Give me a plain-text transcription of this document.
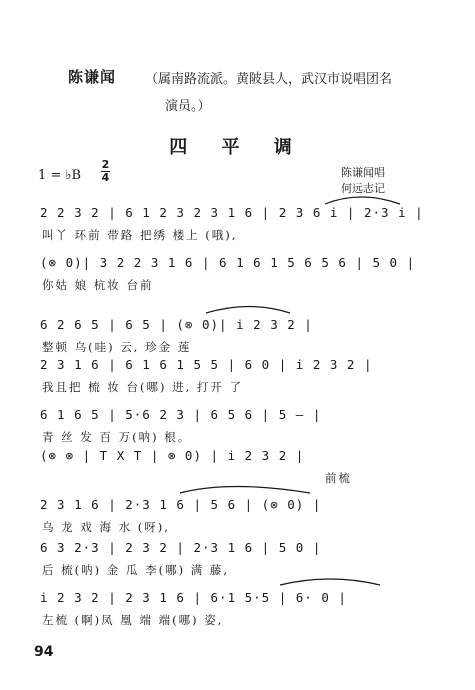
陈谦闻 （属南路流派。黄陂县人，武汉市说唱团名
演员。）
四 平 调
陈谦闻唱
何远志记
1 = ♭B
2
4
2 2 3 2 | 6 1 2 3 2 3 1 6 | 2 3 6 i | 2·3 i |
叫丫 环前 带路 把绣 楼上 (哦),
(⊗ 0)| 3 2 2 3 1 6 | 6 1 6 1 5 6 5 6 | 5 0 |
你姑 娘 杭妆 台前
6 2 6 5 | 6 5 | (⊗ 0)| i 2 3 2 |
整顿 乌(哇) 云, 珍金 莲
2 3 1 6 | 6 1 6 1 5 5 | 6 0 | i 2 3 2 |
我且把 梳 妆 台(哪) 进, 打开 了
6 1 6 5 | 5·6 2 3 | 6 5 6 | 5 — |
青 丝 发 百 万(呐) 根。
(⊗ ⊗ | T X T | ⊗ 0) | i 2 3 2 |
前梳
2 3 1 6 | 2·3 1 6 | 5 6 | (⊗ 0) |
乌 龙 戏 海 水 (呀),
6 3 2·3 | 2 3 2 | 2·3 1 6 | 5 0 |
后 梳(呐) 金 瓜 李(哪) 满 藤,
i 2 3 2 | 2 3 1 6 | 6·1 5·5 | 6· 0 |
左梳 (啊)凤 凰 端 端(哪) 姿,
94
